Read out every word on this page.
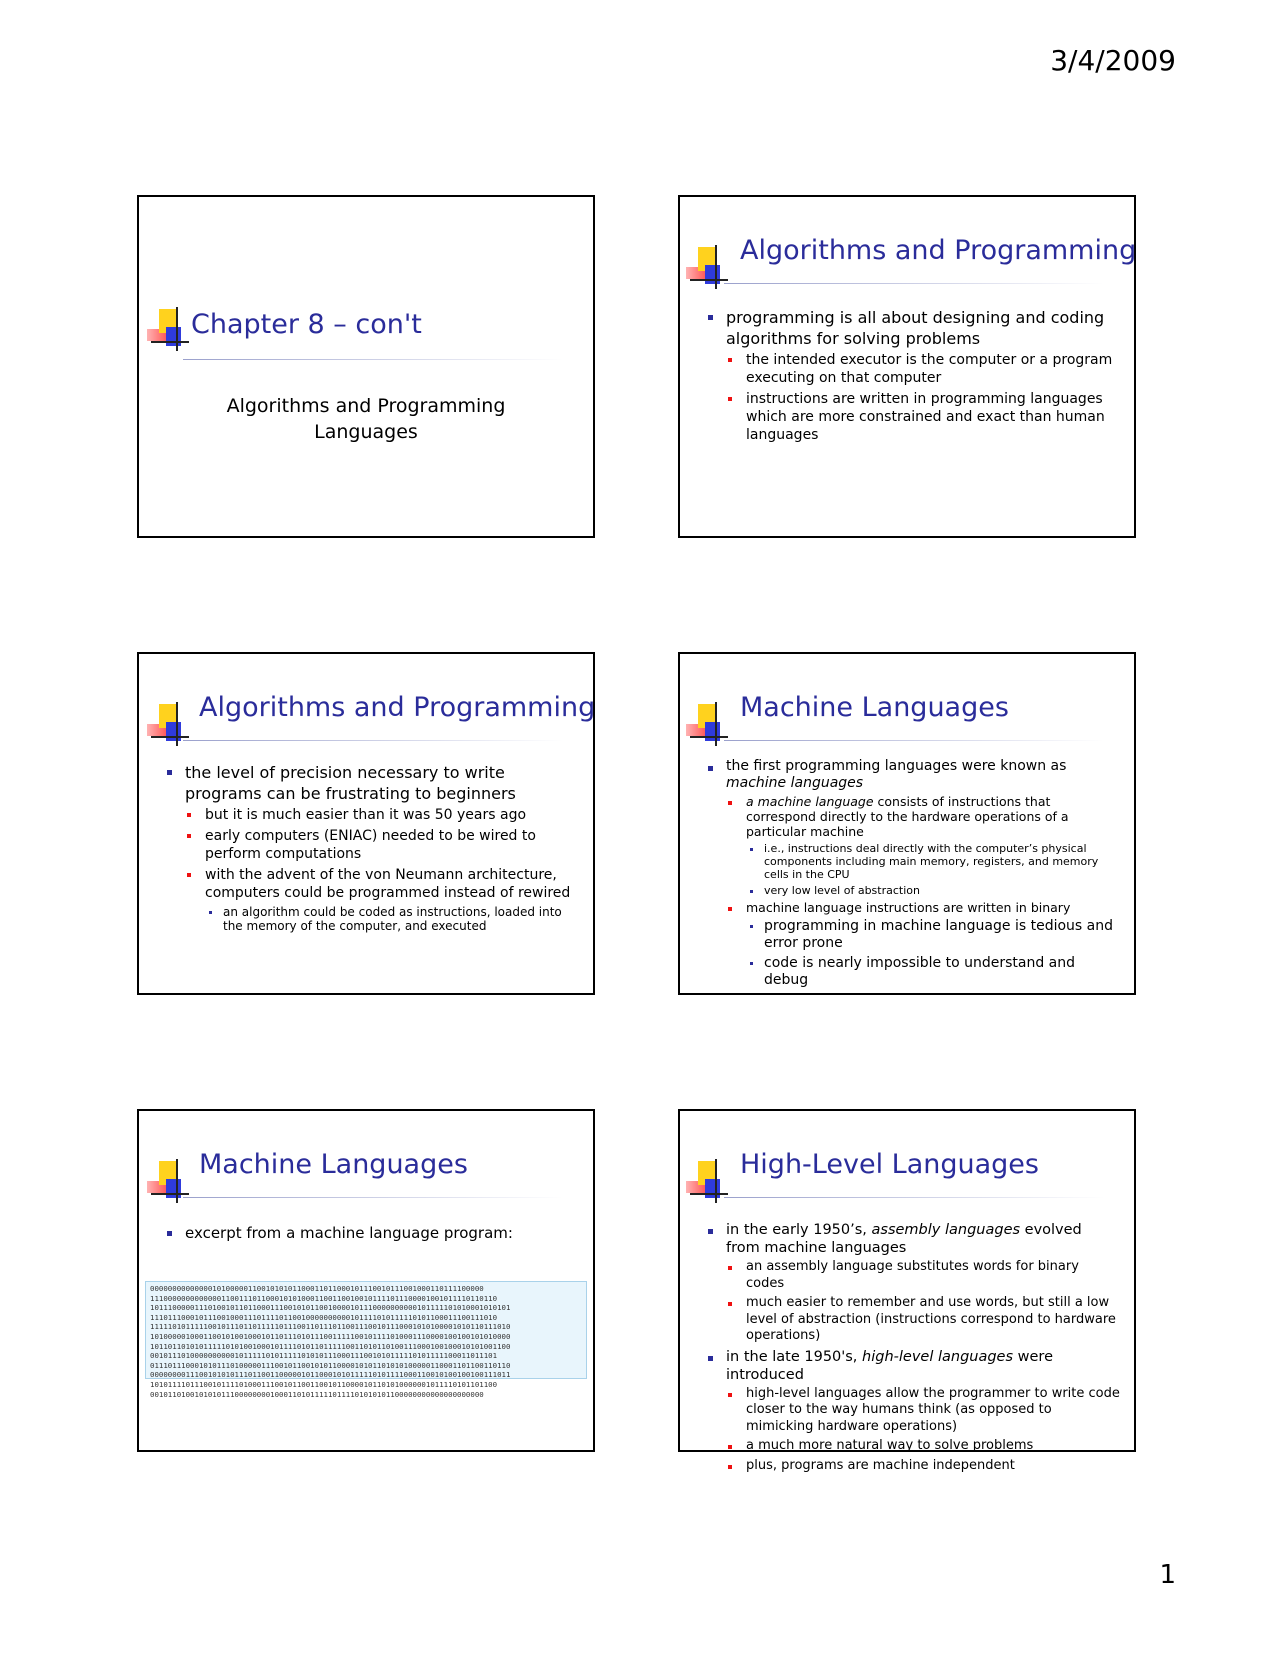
3/4/2009
Chapter 8 – con't
Algorithms and Programming
Languages
Algorithms and Programming
programming is all about designing and coding algorithms for solving problems
the intended executor is the computer or a program executing on that computer
instructions are written in programming languages which are more constrained and exact than human languages
Algorithms and Programming
the level of precision necessary to write programs can be frustrating to beginners
but it is much easier than it was 50 years ago
early computers (ENIAC) needed to be wired to perform computations
with the advent of the von Neumann architecture, computers could be programmed instead of rewired
an algorithm could be coded as instructions, loaded into the memory of the computer, and executed
Machine Languages
the first programming languages were known as machine languages
a machine language consists of instructions that correspond directly to the hardware operations of a particular machine
i.e., instructions deal directly with the computer’s physical components including main memory, registers, and memory cells in the CPU
very low level of abstraction
machine language instructions are written in binary
programming in machine language is tedious and error prone
code is nearly impossible to understand and debug
Machine Languages
excerpt from a machine language program:
000000000000001010000011001010101100011011000101110010111001000110111100000
111000000000000011001110110001010100011001100100101111011100001001011110110110
101110000011101001011011000111001010110010000101110000000000101111101010001010101
111011100010111001000111011110110010000000000101111010111110101100011100111010
111110101111100101110110111110111001101110110011100101110001010100001010110111010
101000001000110010100100010110111010111001111100101111010001110000100100101010000
101101101010111110101001000101111010110111110011010110100111000100100010101001100
001011101000000000010111110101111101010111000111001010111110101111100011011101
011101110001010111010000011100101100101011000010101101010100000110001101100110110
000000001110010101011101100110000010110001010111110101111000110010100100100111011
101011110111001011110100011100101100110010110000101101010000001011110101101100
001011010010101011100000000100011010111110111101010101100000000000000000000
High-Level Languages
in the early 1950’s, assembly languages evolved from machine languages
an assembly language substitutes words for binary codes
much easier to remember and use words, but still a low level of abstraction (instructions correspond to hardware operations)
in the late 1950's, high-level languages were introduced
high-level languages allow the programmer to write code closer to the way humans think (as opposed to mimicking hardware operations)
a much more natural way to solve problems
plus, programs are machine independent
1
